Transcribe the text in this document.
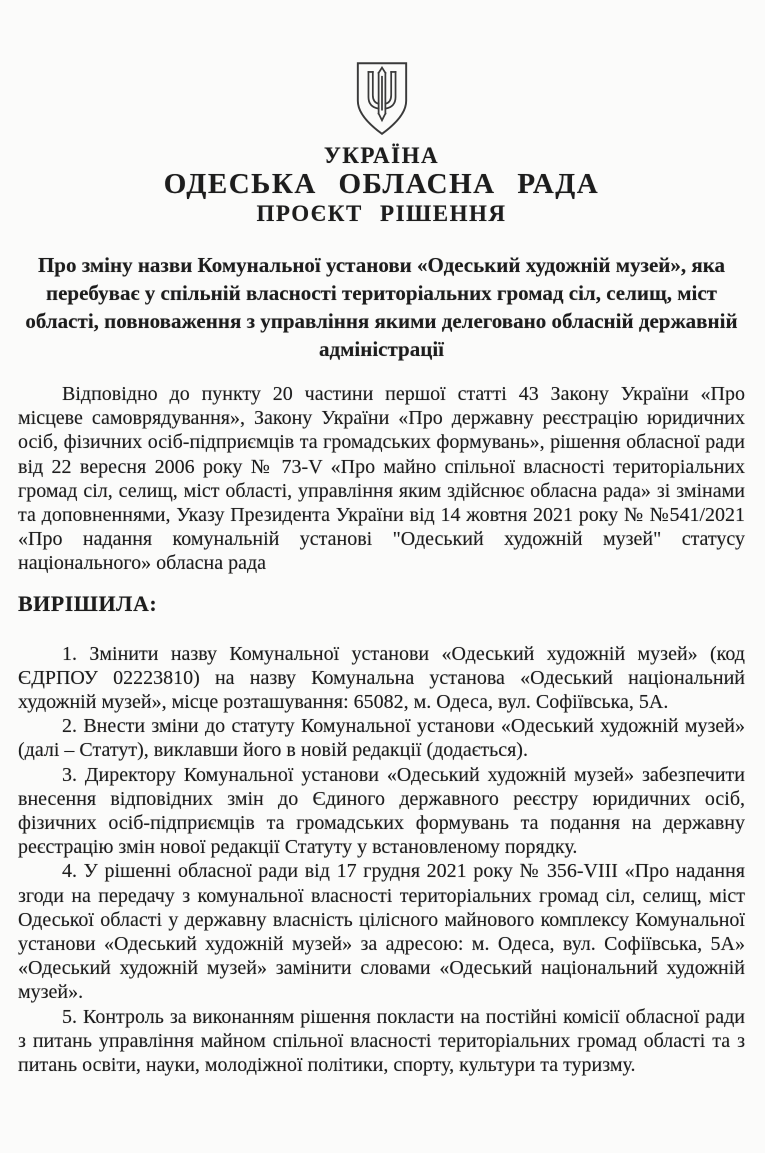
УКРАЇНА
ОДЕСЬКА ОБЛАСНА РАДА
ПРОЄКТ РІШЕННЯ
Про зміну назви Комунальної установи «Одеський художній музей», яка перебуває у спільній власності територіальних громад сіл, селищ, міст області, повноваження з управління якими делеговано обласній державній адміністрації

Відповідно до пункту 20 частини першої статті 43 Закону України «Про місцеве самоврядування», Закону України «Про державну реєстрацію юридичних осіб, фізичних осіб-підприємців та громадських формувань», рішення обласної ради від 22 вересня 2006 року № 73-V «Про майно спільної власності територіальних громад сіл, селищ, міст області, управління яким здійснює обласна рада» зі змінами та доповненнями, Указу Президента України від 14 жовтня 2021 року № №541/2021 «Про надання комунальній установі "Одеський художній музей" статусу національного» обласна рада

ВИРІШИЛА:

1. Змінити назву Комунальної установи «Одеський художній музей» (код ЄДРПОУ 02223810) на назву Комунальна установа «Одеський національний художній музей», місце розташування: 65082, м. Одеса, вул. Софіївська, 5А.

2. Внести зміни до статуту Комунальної установи «Одеський художній музей» (далі – Статут), виклавши його в новій редакції (додається).

3. Директору Комунальної установи «Одеський художній музей» забезпечити внесення відповідних змін до Єдиного державного реєстру юридичних осіб, фізичних осіб-підприємців та громадських формувань та подання на державну реєстрацію змін нової редакції Статуту у встановленому порядку.

4. У рішенні обласної ради від 17 грудня 2021 року № 356-VIII «Про надання згоди на передачу з комунальної власності територіальних громад сіл, селищ, міст Одеської області у державну власність цілісного майнового комплексу Комунальної установи «Одеський художній музей» за адресою: м. Одеса, вул. Софіївська, 5А» «Одеський художній музей» замінити словами «Одеський національний художній музей».

5. Контроль за виконанням рішення покласти на постійні комісії обласної ради з питань управління майном спільної власності територіальних громад області та з питань освіти, науки, молодіжної політики, спорту, культури та туризму.
